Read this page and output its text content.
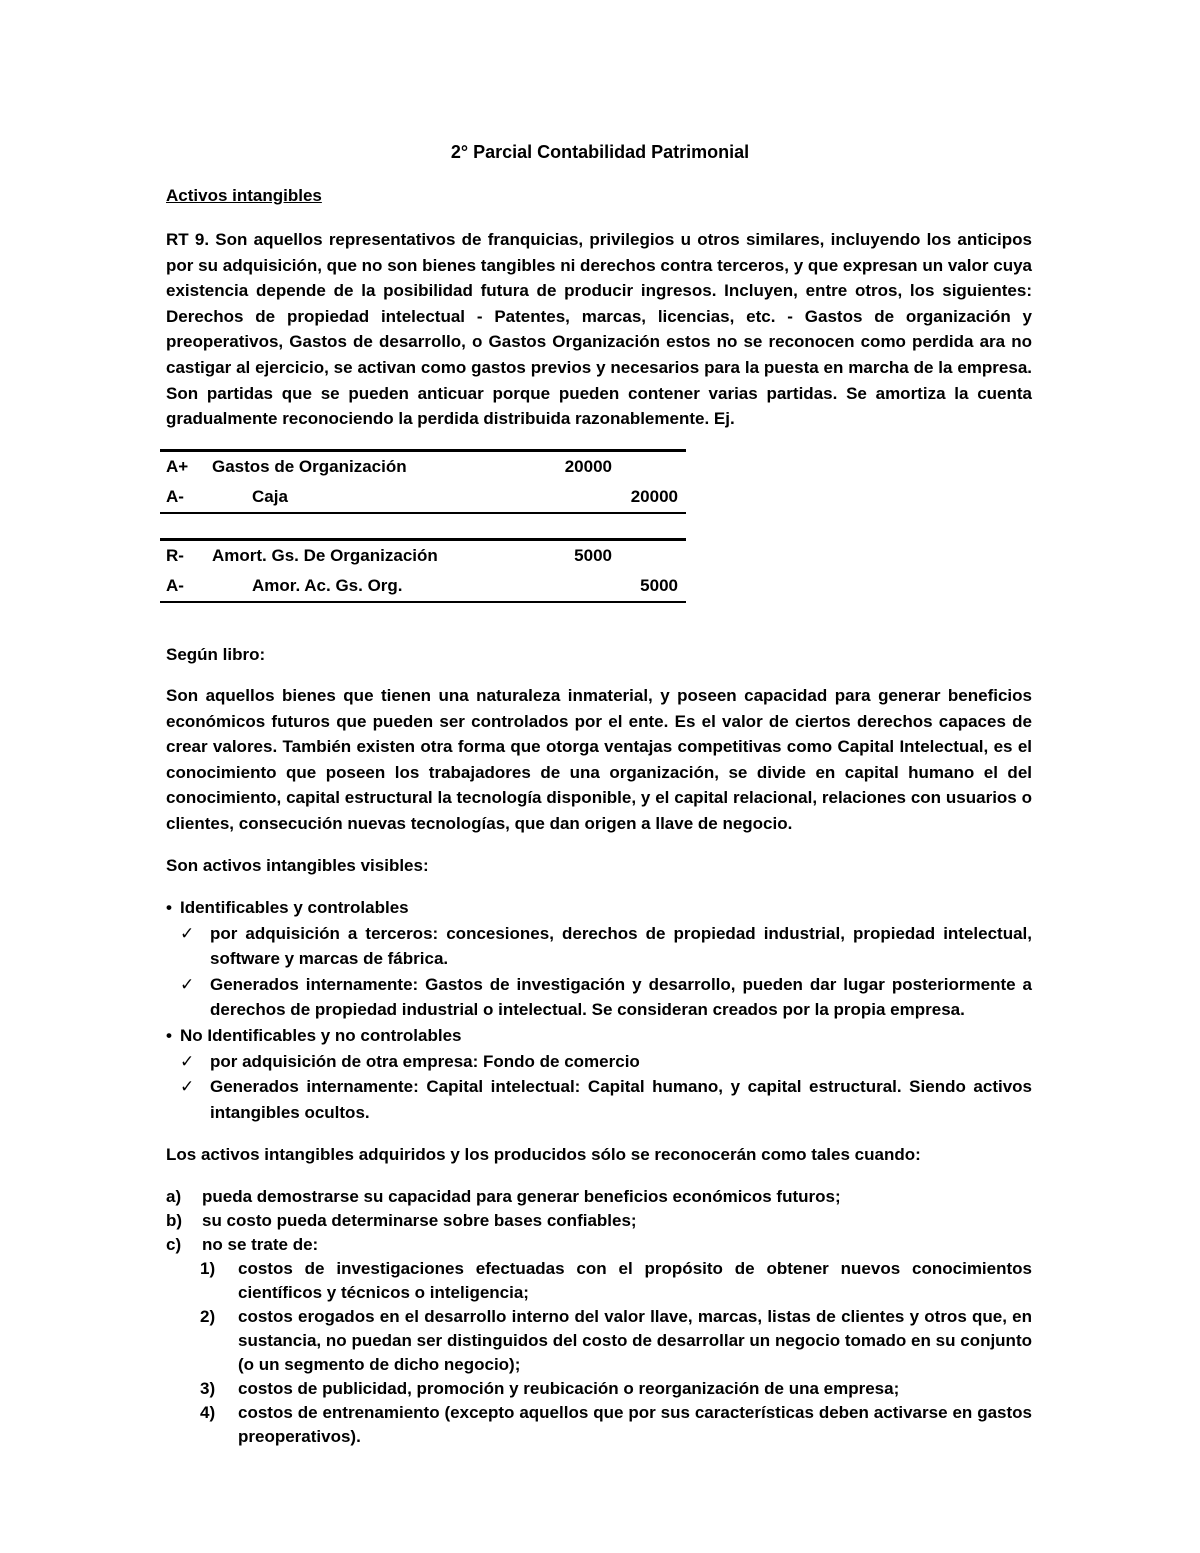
2° Parcial Contabilidad Patrimonial
Activos intangibles

RT 9. Son aquellos representativos de franquicias, privilegios u otros similares, incluyendo los anticipos por su adquisición, que no son bienes tangibles ni derechos contra terceros, y que expresan un valor cuya existencia depende de la posibilidad futura de producir ingresos. Incluyen, entre otros, los siguientes: Derechos de propiedad intelectual - Patentes, marcas, licencias, etc. - Gastos de organización y preoperativos, Gastos de desarrollo, o Gastos Organización estos no se reconocen como perdida ara no castigar al ejercicio, se activan como gastos previos y necesarios para la puesta en marcha de la empresa. Son partidas que se pueden anticuar porque pueden contener varias partidas. Se amortiza la cuenta gradualmente reconociendo la perdida distribuida razonablemente. Ej.

A+	Gastos de Organización	20000	
A-	Caja		20000
R-	Amort. Gs. De Organización	5000	
A-	Amor. Ac. Gs. Org.		5000
Según libro:

Son aquellos bienes que tienen una naturaleza inmaterial, y poseen capacidad para generar beneficios económicos futuros que pueden ser controlados por el ente. Es el valor de ciertos derechos capaces de crear valores. También existen otra forma que otorga ventajas competitivas como Capital Intelectual, es el conocimiento que poseen los trabajadores de una organización, se divide en capital humano el del conocimiento, capital estructural la tecnología disponible, y el capital relacional, relaciones con usuarios o clientes, consecución nuevas tecnologías, que dan origen a llave de negocio.

Son activos intangibles visibles:
• Identificables y controlables
✓ por adquisición a terceros: concesiones, derechos de propiedad industrial, propiedad intelectual, software y marcas de fábrica.
✓ Generados internamente: Gastos de investigación y desarrollo, pueden dar lugar posteriormente a derechos de propiedad industrial o intelectual. Se consideran creados por la propia empresa.
• No Identificables y no controlables
✓ por adquisición de otra empresa: Fondo de comercio
✓ Generados internamente: Capital intelectual: Capital humano, y capital estructural. Siendo activos intangibles ocultos.
Los activos intangibles adquiridos y los producidos sólo se reconocerán como tales cuando:
a) pueda demostrarse su capacidad para generar beneficios económicos futuros;
b) su costo pueda determinarse sobre bases confiables;
c) no se trate de:
1) costos de investigaciones efectuadas con el propósito de obtener nuevos conocimientos científicos y técnicos o inteligencia;
2) costos erogados en el desarrollo interno del valor llave, marcas, listas de clientes y otros que, en sustancia, no puedan ser distinguidos del costo de desarrollar un negocio tomado en su conjunto (o un segmento de dicho negocio);
3) costos de publicidad, promoción y reubicación o reorganización de una empresa;
4) costos de entrenamiento (excepto aquellos que por sus características deben activarse en gastos preoperativos).
